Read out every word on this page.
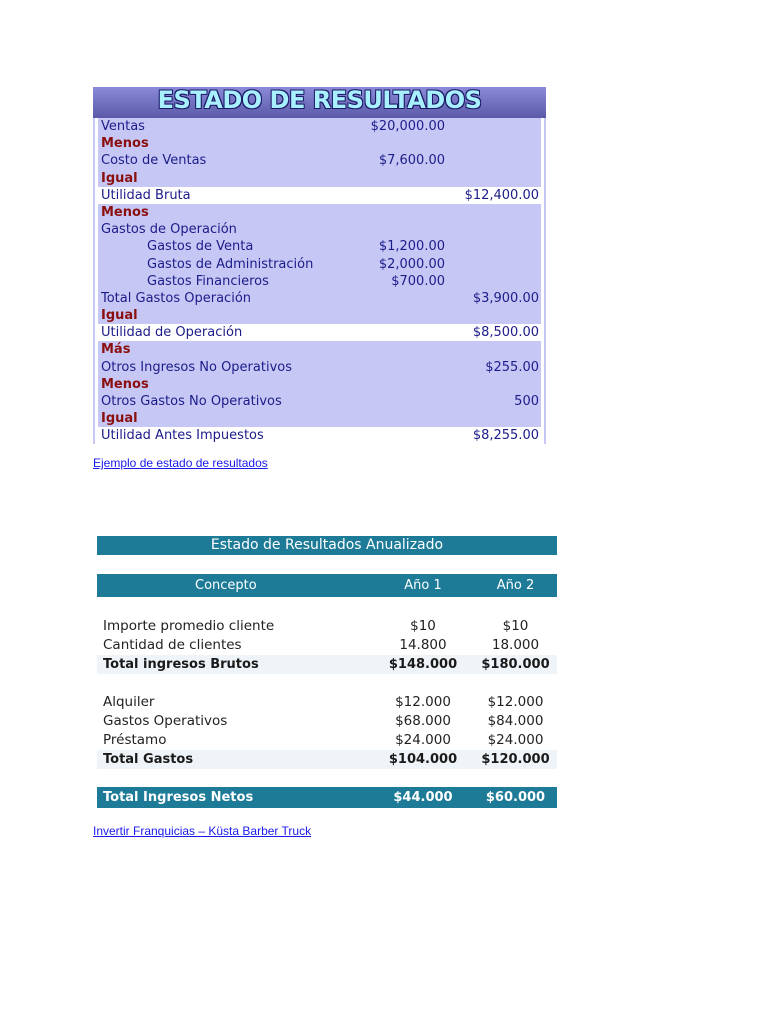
ESTADO DE RESULTADOS
Ventas	$20,000.00
Menos
Costo de Ventas	$7,600.00
Igual
Utilidad Bruta	$12,400.00
Menos
Gastos de Operación
Gastos de Venta	$1,200.00
Gastos de Administración	$2,000.00
Gastos Financieros	$700.00
Total Gastos Operación	$3,900.00
Igual
Utilidad de Operación	$8,500.00
Más
Otros Ingresos No Operativos	$255.00
Menos
Otros Gastos No Operativos	500
Igual
Utilidad Antes Impuestos	$8,255.00
Ejemplo de estado de resultados
Estado de Resultados Anualizado
Concepto	Año 1	Año 2
Importe promedio cliente	$10	$10
Cantidad de clientes	14.800	18.000
Total ingresos Brutos	$148.000	$180.000
Alquiler	$12.000	$12.000
Gastos Operativos	$68.000	$84.000
Préstamo	$24.000	$24.000
Total Gastos	$104.000	$120.000
Total Ingresos Netos	$44.000	$60.000
Invertir Franquicias – Küsta Barber Truck
